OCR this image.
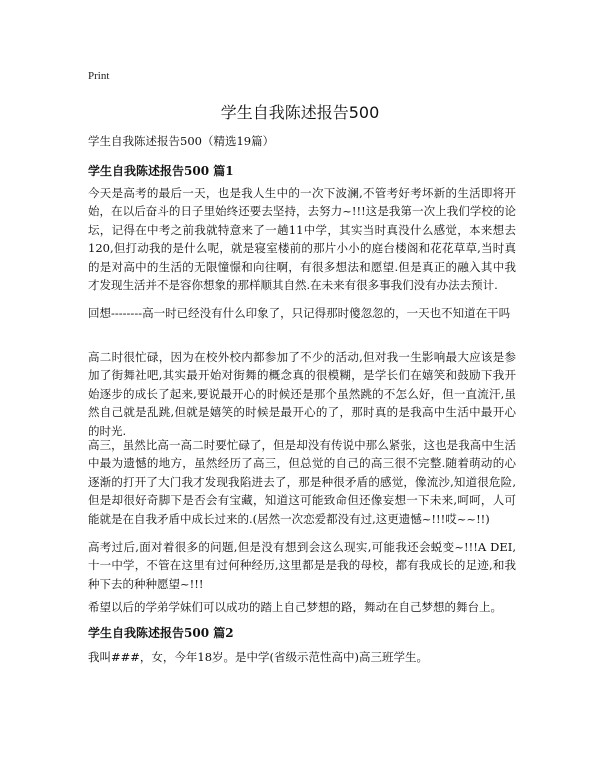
Print
学生自我陈述报告500
学生自我陈述报告500（精选19篇）
学生自我陈述报告500 篇1

今天是高考的最后一天，也是我人生中的一次下波澜,不管考好考坏新的生活即将开始，在以后奋斗的日子里始终还要去坚持，去努力~!!!这是我第一次上我们学校的论坛，记得在中考之前我就特意来了一趟11中学，其实当时真没什么感觉，本来想去120,但打动我的是什么呢，就是寝室楼前的那片小小的庭台楼阁和花花草草,当时真的是对高中的生活的无限憧憬和向往啊，有很多想法和愿望.但是真正的融入其中我才发现生活并不是容你想象的那样顺其自然.在未来有很多事我们没有办法去预计.

回想--------高一时已经没有什么印象了，只记得那时傻忽忽的，一天也不知道在干吗

高二时很忙碌，因为在校外校内都参加了不少的活动,但对我一生影响最大应该是参加了街舞社吧,其实最开始对街舞的概念真的很模糊，是学长们在嬉笑和鼓励下我开始逐步的成长了起来,要说最开心的时候还是那个虽然跳的不怎么好，但一直流汗,虽然自己就是乱跳,但就是嬉笑的时候是最开心的了，那时真的是我高中生活中最开心的时光.

高三，虽然比高一高二时要忙碌了，但是却没有传说中那么紧张，这也是我高中生活中最为遗憾的地方，虽然经历了高三，但总觉的自己的高三很不完整.随着萌动的心逐渐的打开了大门我才发现我陷进去了，那是种很矛盾的感觉，像流沙,知道很危险,但是却很好奇脚下是否会有宝藏，知道这可能致命但还像妄想一下未来,呵呵，人可能就是在自我矛盾中成长过来的.(居然一次恋爱都没有过,这更遗憾~!!!哎~~!!)

高考过后,面对着很多的问题,但是没有想到会这么现实,可能我还会蜕变~!!!A DEI,十一中学，不管在这里有过何种经历,这里都是是我的母校，都有我成长的足迹,和我种下去的种种愿望~!!!

希望以后的学弟学妹们可以成功的踏上自己梦想的路，舞动在自己梦想的舞台上。

学生自我陈述报告500 篇2

我叫###，女，今年18岁。是中学(省级示范性高中)高三班学生。
